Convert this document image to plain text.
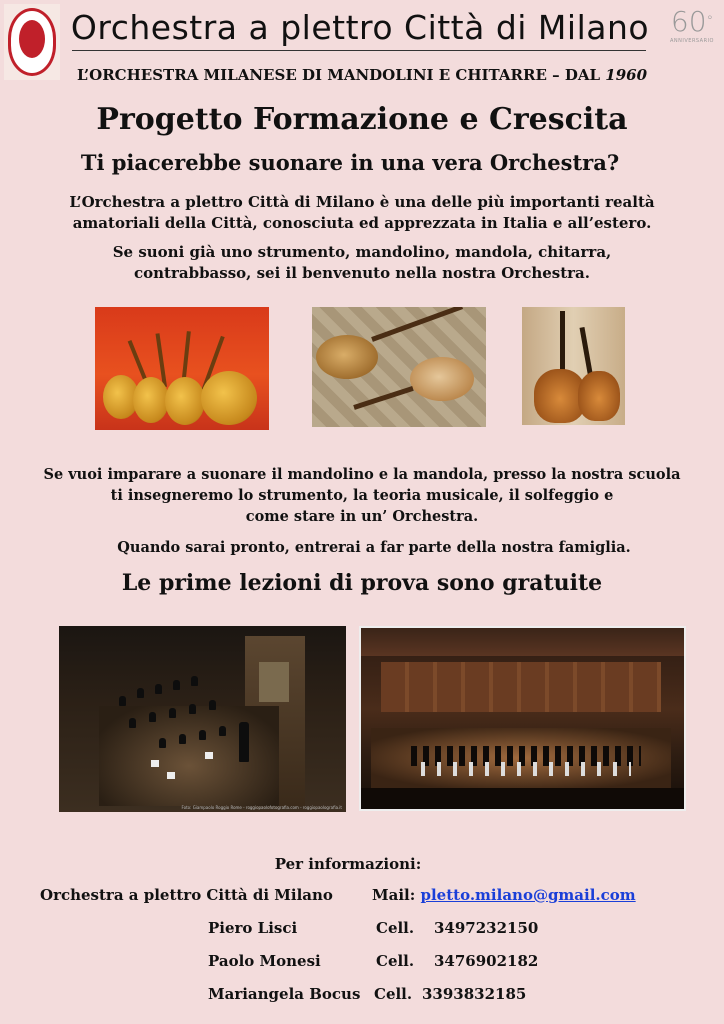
Orchestra a plettro Città di Milano 60°
ANNIVERSARIO
L’ORCHESTRA MILANESE DI MANDOLINI E CHITARRE – DAL 1960
Progetto Formazione e Crescita
Ti piacerebbe suonare in una vera Orchestra?
L’Orchestra a plettro Città di Milano è una delle più importanti realtà
amatoriali della Città, conosciuta ed apprezzata in Italia e all’estero.
Se suoni già uno strumento, mandolino, mandola, chitarra,
contrabbasso, sei il benvenuto nella nostra Orchestra.
Se vuoi imparare a suonare il mandolino e la mandola, presso la nostra scuola
ti insegneremo lo strumento, la teoria musicale, il solfeggio e
come stare in un’ Orchestra.
Quando sarai pronto, entrerai a far parte della nostra famiglia.
Le prime lezioni di prova sono gratuite
Foto: Giampaolo Roggio Rome - roggiopaolofotografia.com - roggiopaolografia.it
Per informazioni:
Orchestra a plettro Città di Milano	Mail: pletto.milano@gmail.com
Piero Lisci	Cell. 3497232150
Paolo Monesi	Cell. 3476902182
Mariangela Bocus Cell. 3393832185
